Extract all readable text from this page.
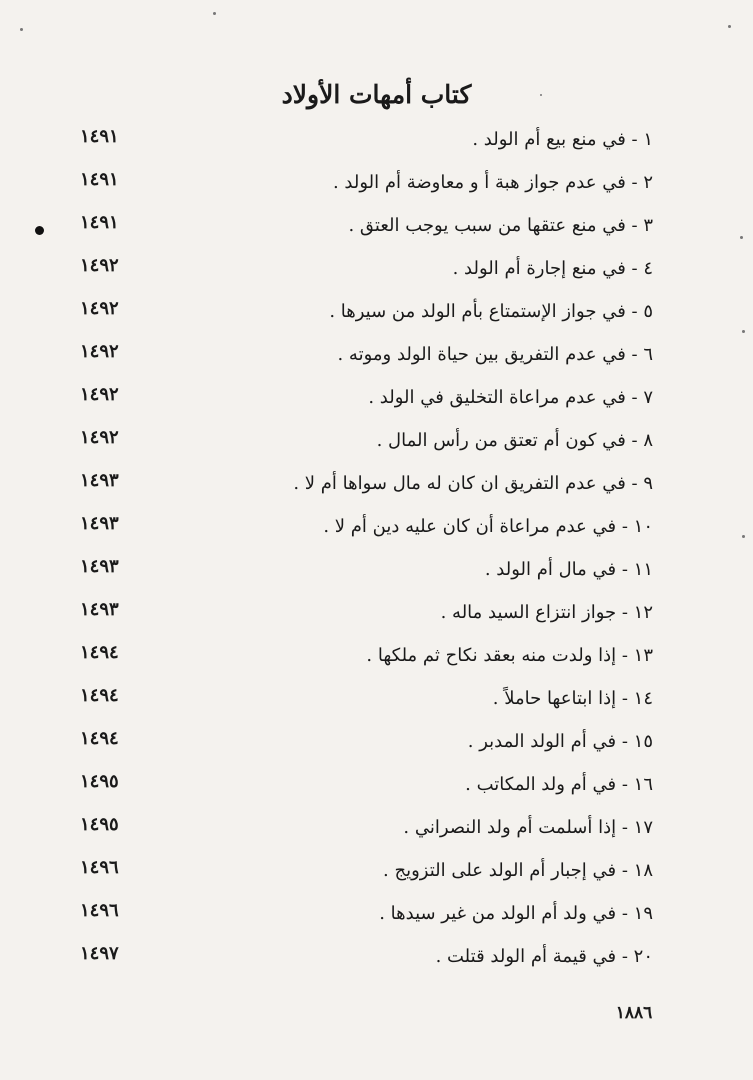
كتاب أمهات الأولاد
١ - في منع بيع أم الولد .
١٤٩١
٢ - في عدم جواز هبة أ و معاوضة أم الولد .
١٤٩١
٣ - في منع عتقها من سبب يوجب العتق .
١٤٩١
٤ - في منع إجارة أم الولد .
١٤٩٢
٥ - في جواز الإستمتاع بأم الولد من سيرها .
١٤٩٢
٦ - في عدم التفريق بين حياة الولد وموته .
١٤٩٢
٧ - في عدم مراعاة التخليق في الولد .
١٤٩٢
٨ - في كون أم تعتق من رأس المال .
١٤٩٢
٩ - في عدم التفريق ان كان له مال سواها أم لا .
١٤٩٣
١٠ - في عدم مراعاة أن كان عليه دين أم لا .
١٤٩٣
١١ - في مال أم الولد .
١٤٩٣
١٢ - جواز انتزاع السيد ماله .
١٤٩٣
١٣ - إذا ولدت منه بعقد نكاح ثم ملكها .
١٤٩٤
١٤ - إذا ابتاعها حاملاً .
١٤٩٤
١٥ - في أم الولد المدبر .
١٤٩٤
١٦ - في أم ولد المكاتب .
١٤٩٥
١٧ - إذا أسلمت أم ولد النصراني .
١٤٩٥
١٨ - في إجبار أم الولد على التزويج .
١٤٩٦
١٩ - في ولد أم الولد من غير سيدها .
١٤٩٦
٢٠ - في قيمة أم الولد قتلت .
١٤٩٧
١٨٨٦
